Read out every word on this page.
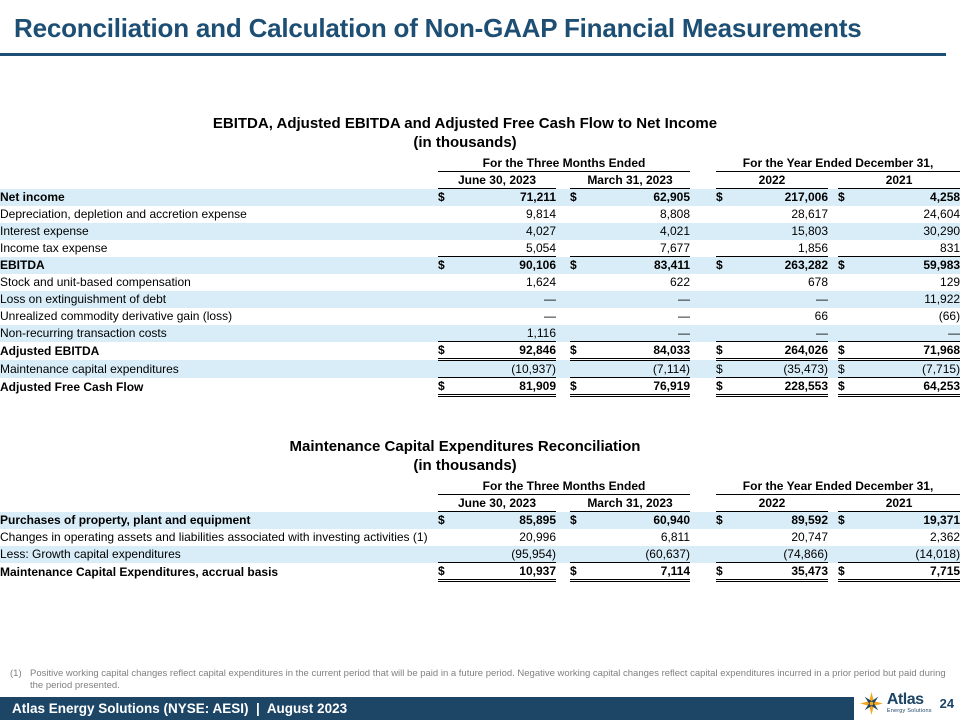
Reconciliation and Calculation of Non-GAAP Financial Measurements
EBITDA, Adjusted EBITDA and Adjusted Free Cash Flow to Net Income
(in thousands)
	For the Three Months Ended						For the Year Ended December 31,				
	June 30, 2023			March 31, 2023			2022			2021	
Net income	$	71,211		$	62,905		$	217,006		$	4,258
Depreciation, depletion and accretion expense		9,814			8,808			28,617			24,604
Interest expense		4,027			4,021			15,803			30,290
Income tax expense		5,054			7,677			1,856			831
EBITDA	$	90,106		$	83,411		$	263,282		$	59,983
Stock and unit-based compensation		1,624			622			678			129
Loss on extinguishment of debt		—			—			—			11,922
Unrealized commodity derivative gain (loss)		—			—			66			(66)
Non-recurring transaction costs		1,116			—			—			—
Adjusted EBITDA	$	92,846		$	84,033		$	264,026		$	71,968
Maintenance capital expenditures		(10,937)			(7,114)		$	(35,473)		$	(7,715)
Adjusted Free Cash Flow	$	81,909		$	76,919		$	228,553		$	64,253
Maintenance Capital Expenditures Reconciliation
(in thousands)
	For the Three Months Ended						For the Year Ended December 31,				
	June 30, 2023			March 31, 2023			2022			2021	
Purchases of property, plant and equipment	$	85,895		$	60,940		$	89,592		$	19,371
Changes in operating assets and liabilities associated with investing activities (1)		20,996			6,811			20,747			2,362
Less: Growth capital expenditures		(95,954)			(60,637)			(74,866)			(14,018)
Maintenance Capital Expenditures, accrual basis	$	10,937		$	7,114		$	35,473		$	7,715
(1) Positive working capital changes reflect capital expenditures in the current period that will be paid in a future period. Negative working capital changes reflect capital expenditures incurred in a prior period but paid during the period presented.
Atlas Energy Solutions (NYSE: AESI)  |  August 2023
Atlas
Energy Solutions
24
